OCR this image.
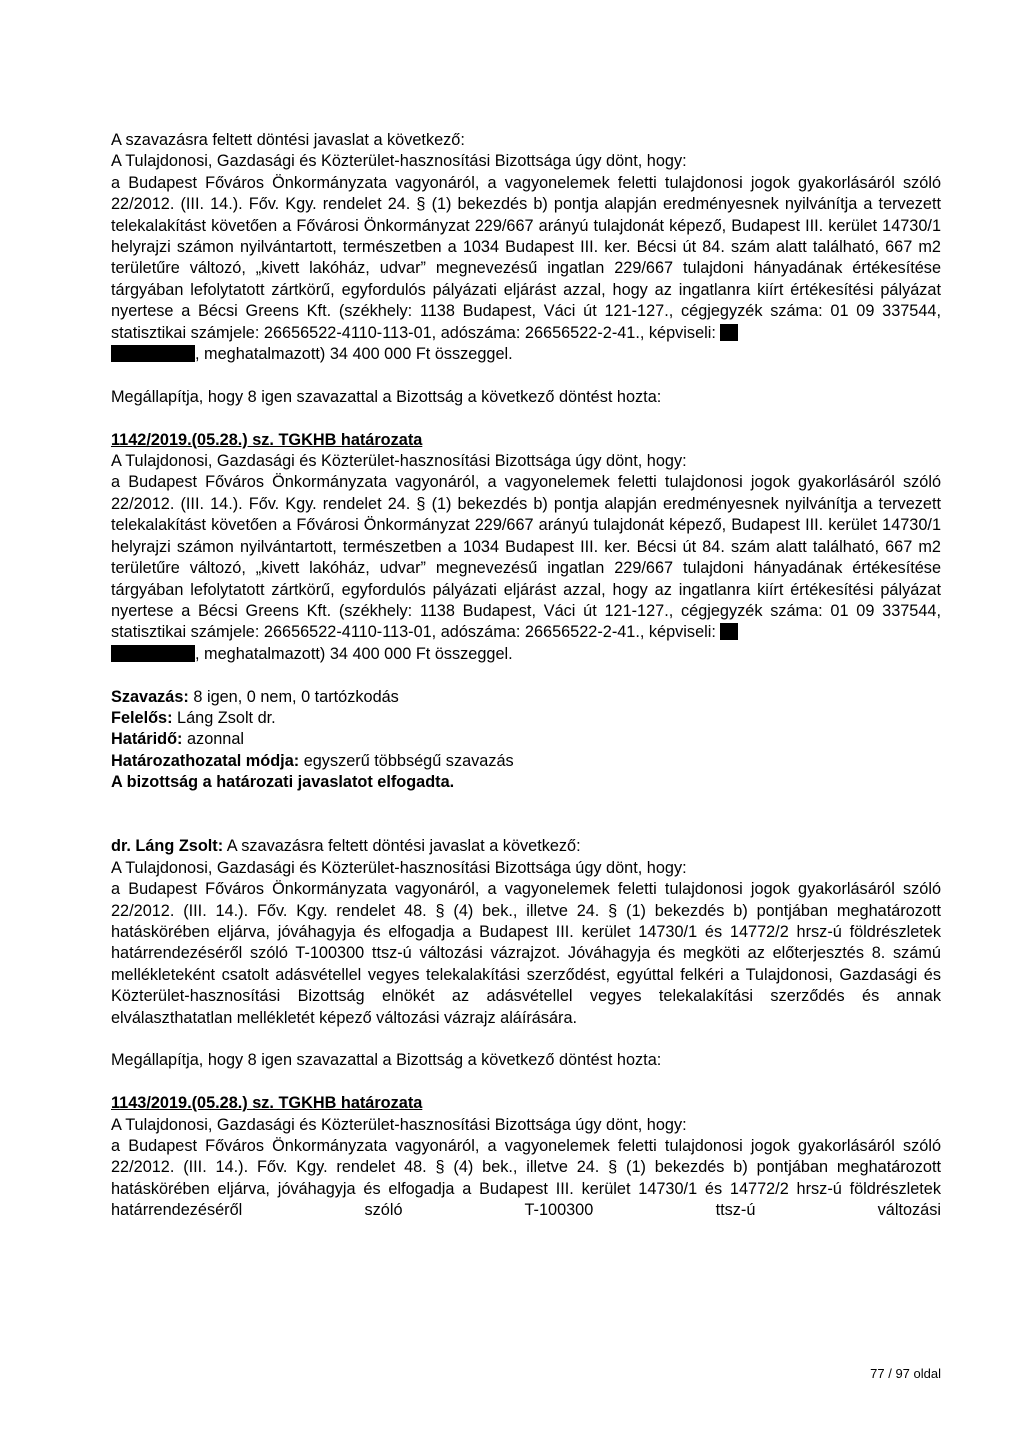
A szavazásra feltett döntési javaslat a következő:

A Tulajdonosi, Gazdasági és Közterület-hasznosítási Bizottsága úgy dönt, hogy:

a Budapest Főváros Önkormányzata vagyonáról, a vagyonelemek feletti tulajdonosi jogok gyakorlásáról szóló 22/2012. (III. 14.). Főv. Kgy. rendelet 24. § (1) bekezdés b) pontja alapján eredményesnek nyilvánítja a tervezett telekalakítást követően a Fővárosi Önkormányzat 229/667 arányú tulajdonát képező, Budapest III. kerület 14730/1 helyrajzi számon nyilvántartott, természetben a 1034 Budapest III. ker. Bécsi út 84. szám alatt található, 667 m2 területűre változó, „kivett lakóház, udvar” megnevezésű ingatlan 229/667 tulajdoni hányadának értékesítése tárgyában lefolytatott zártkörű, egyfordulós pályázati eljárást azzal, hogy az ingatlanra kiírt értékesítési pályázat nyertese a Bécsi Greens Kft. (székhely: 1138 Budapest, Váci út 121-127., cégjegyzék száma: 01 09 337544, statisztikai számjele: 26656522-4110-113-01, adószáma: 26656522-2-41., képviseli:
, meghatalmazott) 34 400 000 Ft összeggel.

Megállapítja, hogy 8 igen szavazattal a Bizottság a következő döntést hozta:

1142/2019.(05.28.) sz. TGKHB határozata

A Tulajdonosi, Gazdasági és Közterület-hasznosítási Bizottsága úgy dönt, hogy:

a Budapest Főváros Önkormányzata vagyonáról, a vagyonelemek feletti tulajdonosi jogok gyakorlásáról szóló 22/2012. (III. 14.). Főv. Kgy. rendelet 24. § (1) bekezdés b) pontja alapján eredményesnek nyilvánítja a tervezett telekalakítást követően a Fővárosi Önkormányzat 229/667 arányú tulajdonát képező, Budapest III. kerület 14730/1 helyrajzi számon nyilvántartott, természetben a 1034 Budapest III. ker. Bécsi út 84. szám alatt található, 667 m2 területűre változó, „kivett lakóház, udvar” megnevezésű ingatlan 229/667 tulajdoni hányadának értékesítése tárgyában lefolytatott zártkörű, egyfordulós pályázati eljárást azzal, hogy az ingatlanra kiírt értékesítési pályázat nyertese a Bécsi Greens Kft. (székhely: 1138 Budapest, Váci út 121-127., cégjegyzék száma: 01 09 337544, statisztikai számjele: 26656522-4110-113-01, adószáma: 26656522-2-41., képviseli:
, meghatalmazott) 34 400 000 Ft összeggel.

Szavazás: 8 igen, 0 nem, 0 tartózkodás

Felelős: Láng Zsolt dr.

Határidő: azonnal

Határozathozatal módja: egyszerű többségű szavazás

A bizottság a határozati javaslatot elfogadta.

dr. Láng Zsolt: A szavazásra feltett döntési javaslat a következő:

A Tulajdonosi, Gazdasági és Közterület-hasznosítási Bizottsága úgy dönt, hogy:

a Budapest Főváros Önkormányzata vagyonáról, a vagyonelemek feletti tulajdonosi jogok gyakorlásáról szóló 22/2012. (III. 14.). Főv. Kgy. rendelet 48. § (4) bek., illetve 24. § (1) bekezdés b) pontjában meghatározott hatáskörében eljárva, jóváhagyja és elfogadja a Budapest III. kerület 14730/1 és 14772/2 hrsz-ú földrészletek határrendezéséről szóló T-100300 ttsz-ú változási vázrajzot. Jóváhagyja és megköti az előterjesztés 8. számú mellékleteként csatolt adásvétellel vegyes telekalakítási szerződést, egyúttal felkéri a Tulajdonosi, Gazdasági és Közterület-hasznosítási Bizottság elnökét az adásvétellel vegyes telekalakítási szerződés és annak elválaszthatatlan mellékletét képező változási vázrajz aláírására.

Megállapítja, hogy 8 igen szavazattal a Bizottság a következő döntést hozta:

1143/2019.(05.28.) sz. TGKHB határozata

A Tulajdonosi, Gazdasági és Közterület-hasznosítási Bizottsága úgy dönt, hogy:

a Budapest Főváros Önkormányzata vagyonáról, a vagyonelemek feletti tulajdonosi jogok gyakorlásáról szóló 22/2012. (III. 14.). Főv. Kgy. rendelet 48. § (4) bek., illetve 24. § (1) bekezdés b) pontjában meghatározott hatáskörében eljárva, jóváhagyja és elfogadja a Budapest III. kerület 14730/1 és 14772/2 hrsz-ú földrészletek határrendezéséről szóló T-100300 ttsz-ú változási

77 / 97 oldal
